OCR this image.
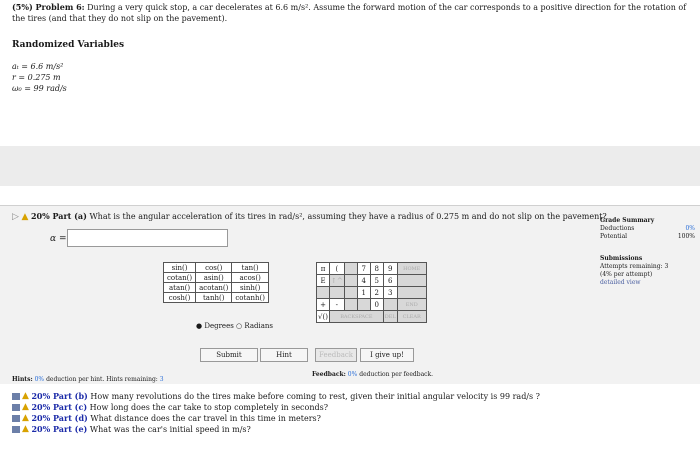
(5%) Problem 6: During a very quick stop, a car decelerates at 6.6 m/s². Assume the forward motion of the car corresponds to a positive direction for the rotation of the tires (and that they do not slip on the pavement).
Randomized Variables
aₜ = 6.6 m/s²
r = 0.275 m
ω₀ = 99 rad/s
▷ ▲ 20% Part (a) What is the angular acceleration of its tires in rad/s², assuming they have a radius of 0.275 m and do not slip on the pavement?
α =
Grade Summary
Deductions	0%
Potential	100%
Submissions
Attempts remaining: 3
(4% per attempt)
detailed view
sin()	cos()	tan()
cotan()	asin()	acos()
atan()	acotan()	sinh()
cosh()	tanh()	cotanh()
● Degrees ○ Radians
π	(		7	8	9	HOME
E	↑^		4	5	6	
			1	2	3	
+	-			0		END
√()	BACKSPACE				DEL	CLEAR
Submit	Hint	Feedback	I give up!
Hints: 0% deduction per hint. Hints remaining: 3
Feedback: 0% deduction per feedback.
▲
20% Part (b)
How many revolutions do the tires make before coming to rest, given their initial angular velocity is 99 rad/s ?
▲
20% Part (c)
How long does the car take to stop completely in seconds?
▲
20% Part (d)
What distance does the car travel in this time in meters?
▲
20% Part (e)
What was the car's initial speed in m/s?
